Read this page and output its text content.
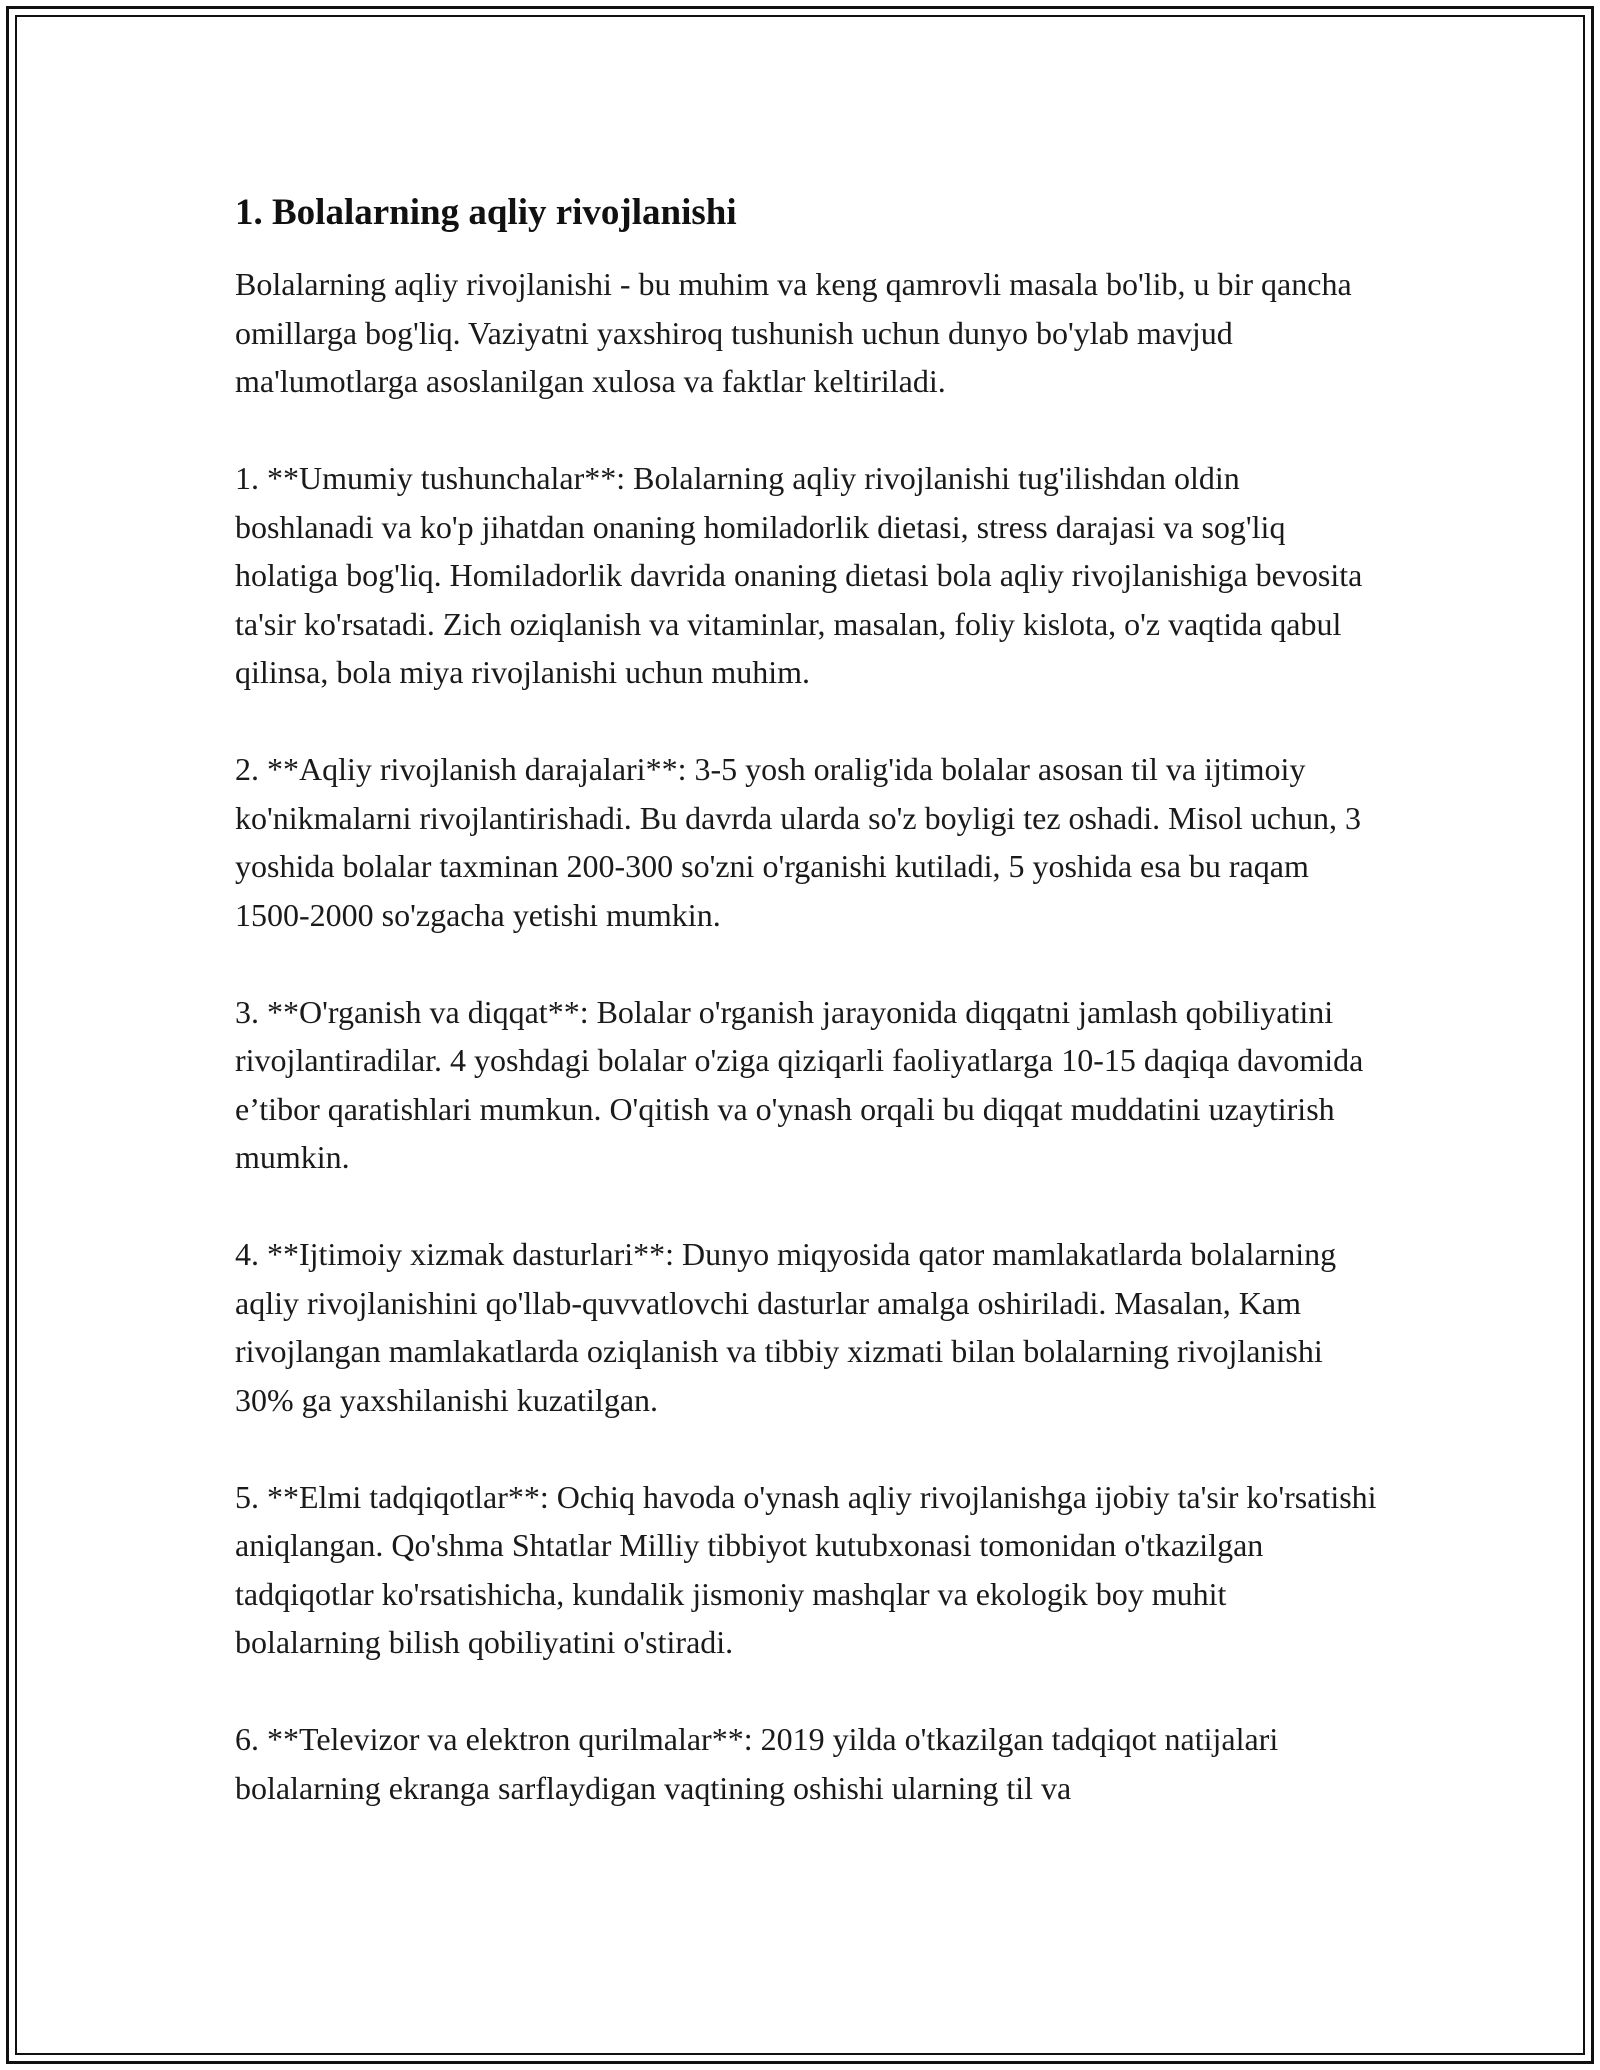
1. Bolalarning aqliy rivojlanishi

Bolalarning aqliy rivojlanishi - bu muhim va keng qamrovli masala bo'lib, u bir qancha omillarga bog'liq. Vaziyatni yaxshiroq tushunish uchun dunyo bo'ylab mavjud ma'lumotlarga asoslanilgan xulosa va faktlar keltiriladi.

1. **Umumiy tushunchalar**: Bolalarning aqliy rivojlanishi tug'ilishdan oldin boshlanadi va ko'p jihatdan onaning homiladorlik dietasi, stress darajasi va sog'liq holatiga bog'liq. Homiladorlik davrida onaning dietasi bola aqliy rivojlanishiga bevosita ta'sir ko'rsatadi. Zich oziqlanish va vitaminlar, masalan, foliy kislota, o'z vaqtida qabul qilinsa, bola miya rivojlanishi uchun muhim.

2. **Aqliy rivojlanish darajalari**: 3-5 yosh oralig'ida bolalar asosan til va ijtimoiy ko'nikmalarni rivojlantirishadi. Bu davrda ularda so'z boyligi tez oshadi. Misol uchun, 3 yoshida bolalar taxminan 200-300 so'zni o'rganishi kutiladi, 5 yoshida esa bu raqam 1500-2000 so'zgacha yetishi mumkin.

3. **O'rganish va diqqat**: Bolalar o'rganish jarayonida diqqatni jamlash qobiliyatini rivojlantiradilar. 4 yoshdagi bolalar o'ziga qiziqarli faoliyatlarga 10-15 daqiqa davomida e’tibor qaratishlari mumkun. O'qitish va o'ynash orqali bu diqqat muddatini uzaytirish mumkin.

4. **Ijtimoiy xizmak dasturlari**: Dunyo miqyosida qator mamlakatlarda bolalarning aqliy rivojlanishini qo'llab-quvvatlovchi dasturlar amalga oshiriladi. Masalan, Kam rivojlangan mamlakatlarda oziqlanish va tibbiy xizmati bilan bolalarning rivojlanishi 30% ga yaxshilanishi kuzatilgan.

5. **Elmi tadqiqotlar**: Ochiq havoda o'ynash aqliy rivojlanishga ijobiy ta'sir ko'rsatishi aniqlangan. Qo'shma Shtatlar Milliy tibbiyot kutubxonasi tomonidan o'tkazilgan tadqiqotlar ko'rsatishicha, kundalik jismoniy mashqlar va ekologik boy muhit bolalarning bilish qobiliyatini o'stiradi.

6. **Televizor va elektron qurilmalar**: 2019 yilda o'tkazilgan tadqiqot natijalari bolalarning ekranga sarflaydigan vaqtining oshishi ularning til va
